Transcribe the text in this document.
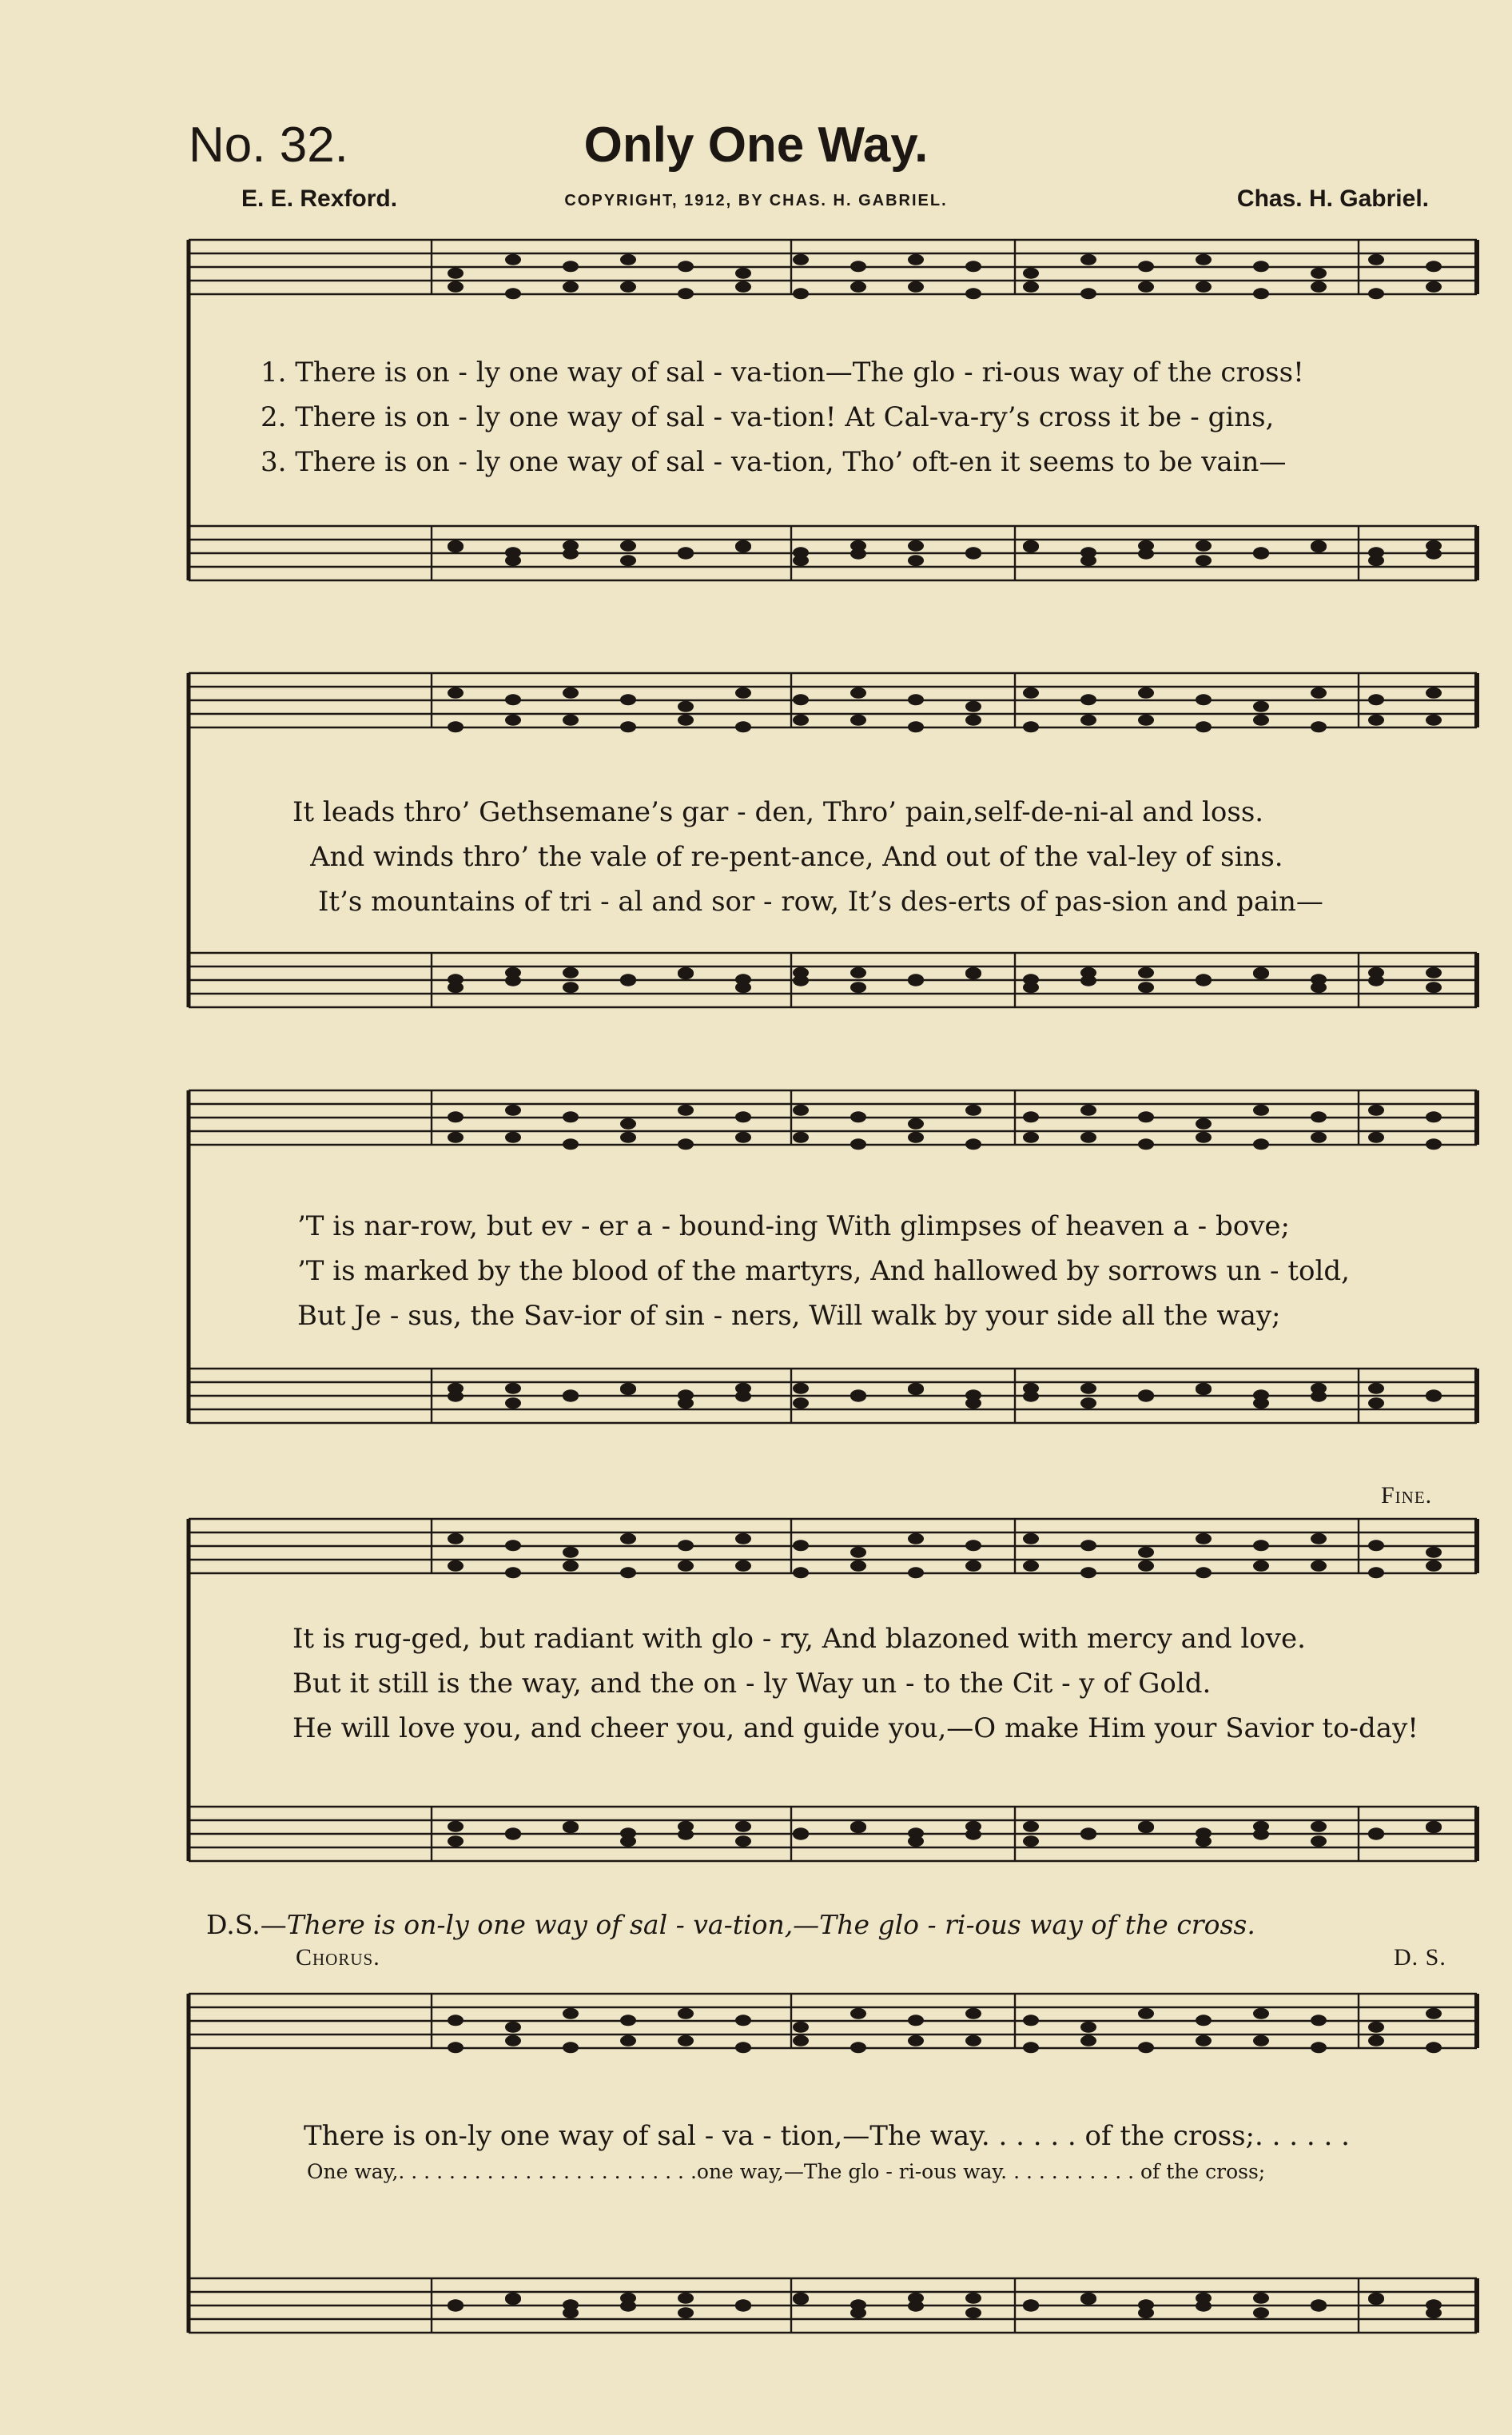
No. 32.	Only One Way.
E. E. Rexford.	COPYRIGHT, 1912, BY CHAS. H. GABRIEL.	Chas. H. Gabriel.
1. There is on - ly one way of sal - va-tion—The glo - ri-ous way of the cross!
2. There is on - ly one way of sal - va-tion! At Cal-va-ry’s cross it be - gins,
3. There is on - ly one way of sal - va-tion, Tho’ oft-en it seems to be vain—
It leads thro’ Gethsemane’s gar - den, Thro’ pain,self-de-ni-al and loss.
And winds thro’ the vale of re-pent-ance, And out of the val-ley of sins.
It’s mountains of tri - al and sor - row, It’s des-erts of pas-sion and pain—
Fine.
’T is nar-row, but ev - er a - bound-ing With glimpses of heaven a - bove;
’T is marked by the blood of the martyrs, And hallowed by sorrows un - told,
But Je - sus, the Sav-ior of sin - ners, Will walk by your side all the way;
It is rug-ged, but radiant with glo - ry, And blazoned with mercy and love.
But it still is the way, and the on - ly Way un - to the Cit - y of Gold.
He will love you, and cheer you, and guide you,—O make Him your Savior to-day!
D.S.—There is on-ly one way of sal - va-tion,—The glo - ri-ous way of the cross.
Chorus.	D. S.
There is on-ly one way of sal - va - tion,—The way. . . . . . of the cross;. . . . . .
One way,. . . . . . . . . . . . . . . . . . . . . . . .one way,—The glo - ri-ous way. . . . . . . . . . . of the cross;
